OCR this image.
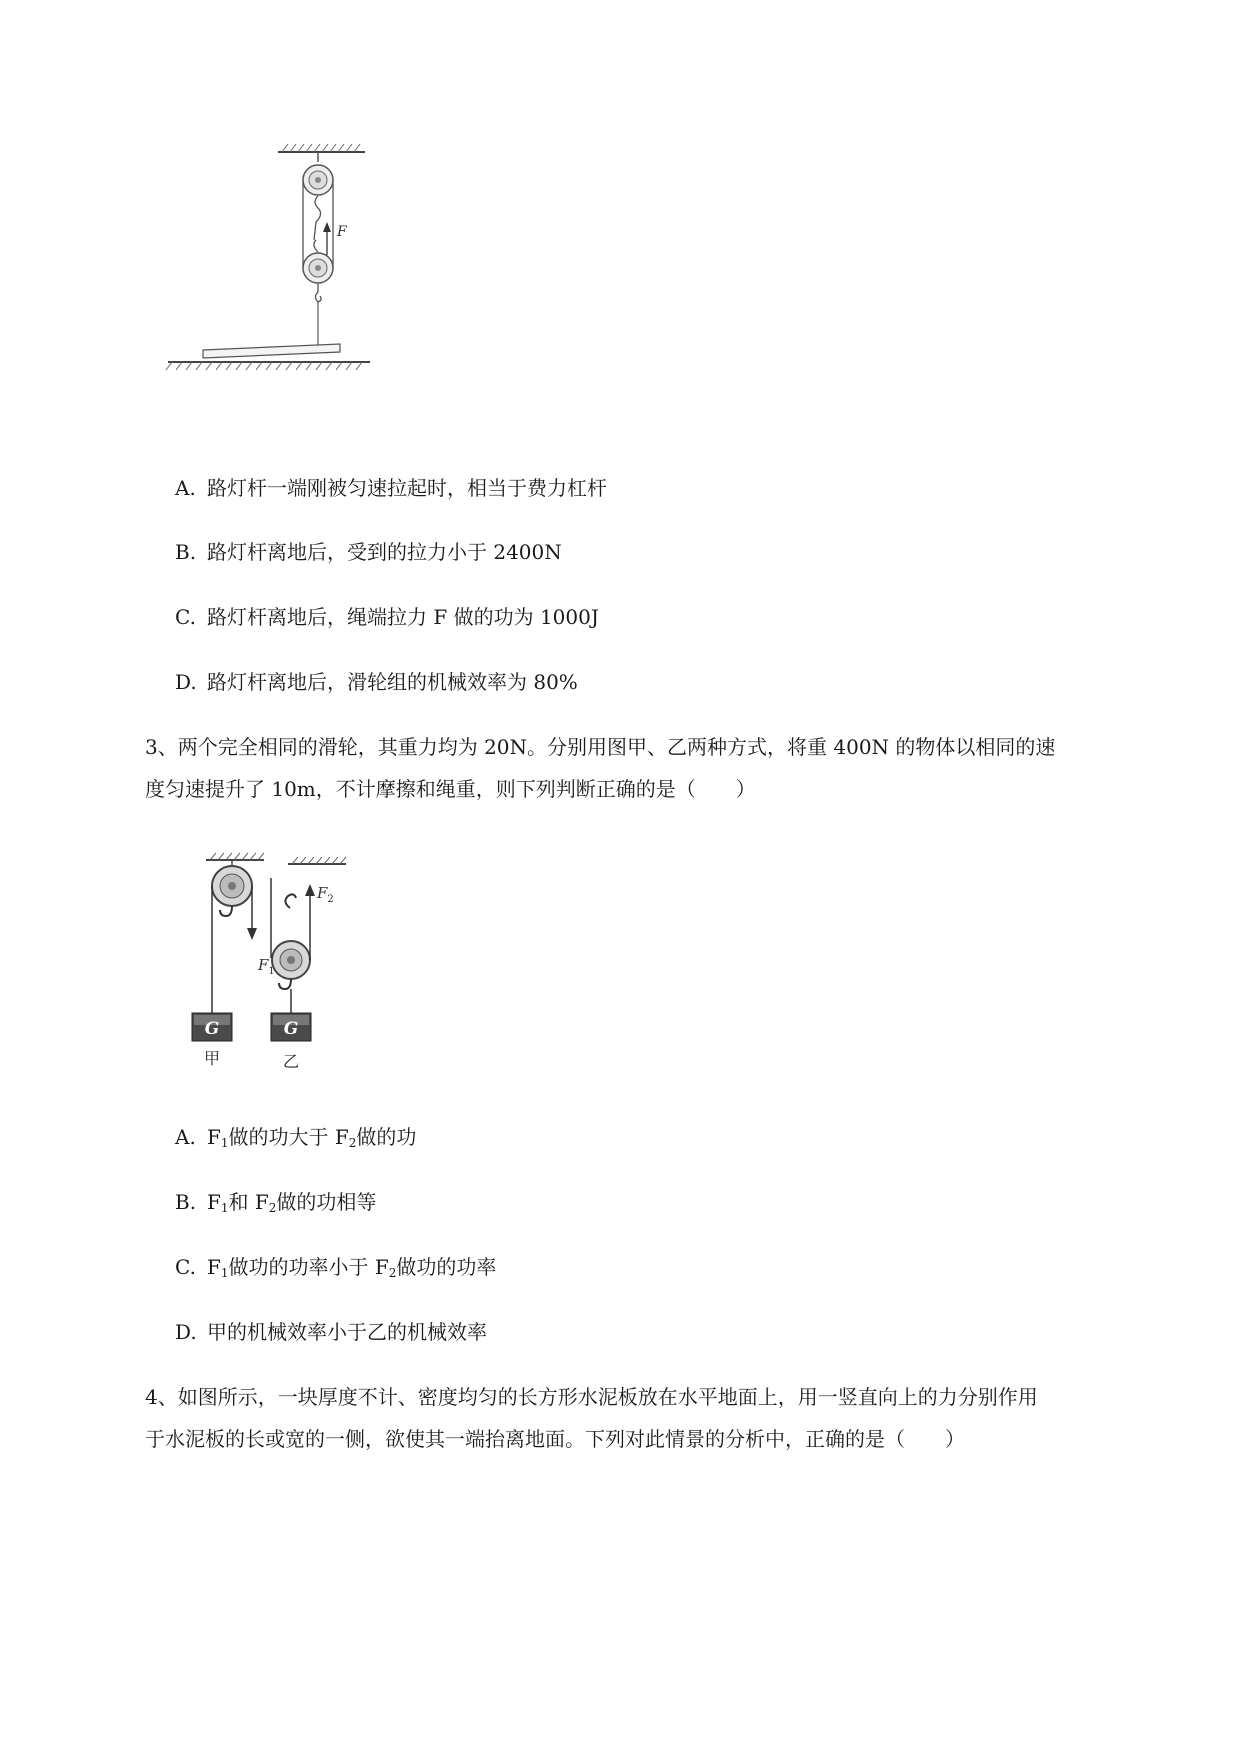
F
A. 路灯杆一端刚被匀速拉起时，相当于费力杠杆
B. 路灯杆离地后，受到的拉力小于 2400N
C. 路灯杆离地后，绳端拉力 F 做的功为 1000J
D. 路灯杆离地后，滑轮组的机械效率为 80%
3、两个完全相同的滑轮，其重力均为 20N。分别用图甲、乙两种方式，将重 400N 的物体以相同的速
度匀速提升了 10m，不计摩擦和绳重，则下列判断正确的是（　　）
$F_1$
G
甲
$F_2$
G
乙
A. $F_1$做的功大于 $F_2$做的功
B. $F_1$和 $F_2$做的功相等
C. $F_1$做功的功率小于 $F_2$做功的功率
D. 甲的机械效率小于乙的机械效率
4、如图所示，一块厚度不计、密度均匀的长方形水泥板放在水平地面上，用一竖直向上的力分别作用
于水泥板的长或宽的一侧，欲使其一端抬离地面。下列对此情景的分析中，正确的是（　　）
